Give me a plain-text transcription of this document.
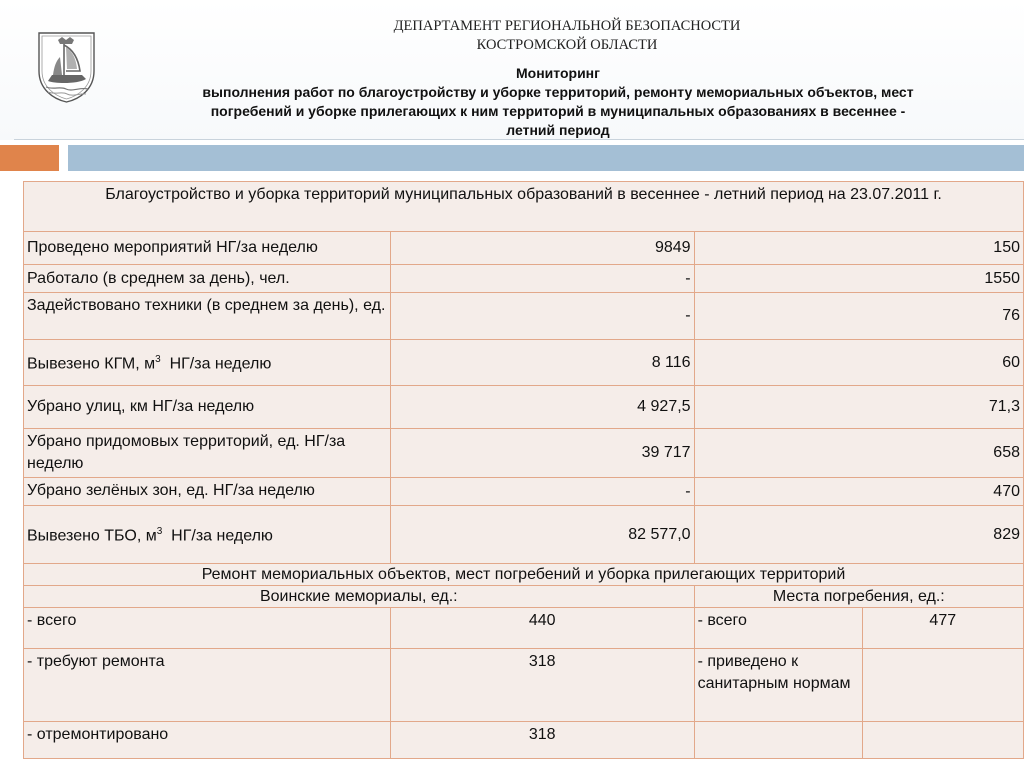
ДЕПАРТАМЕНТ РЕГИОНАЛЬНОЙ БЕЗОПАСНОСТИ
КОСТРОМСКОЙ ОБЛАСТИ
Мониторинг
выполнения работ по благоустройству и уборке территорий, ремонту мемориальных объектов, мест
погребений и уборке прилегающих к ним территорий в муниципальных образованиях в весеннее -
летний период
Благоустройство и уборка территорий муниципальных образований в весеннее - летний период на 23.07.2011 г.			
Проведено мероприятий НГ/за неделю	9849	150	
Работало (в среднем за день), чел.	-	1550	
Задействовано техники (в среднем за день), ед.	-	76	
Вывезено КГМ, $м^3$  НГ/за неделю	8 116	60	
Убрано улиц, км НГ/за неделю	4 927,5	71,3	
Убрано придомовых территорий, ед. НГ/за неделю	39 717	658	
Убрано зелёных зон, ед. НГ/за неделю	-	470	
Вывезено ТБО, $м^3$  НГ/за неделю	82 577,0	829	
Ремонт мемориальных объектов, мест погребений и уборка прилегающих территорий			
Воинские мемориалы, ед.:		Места погребения, ед.:	
- всего	440	- всего	477
- требуют ремонта	318	- приведено к санитарным нормам	
- отремонтировано	318		
